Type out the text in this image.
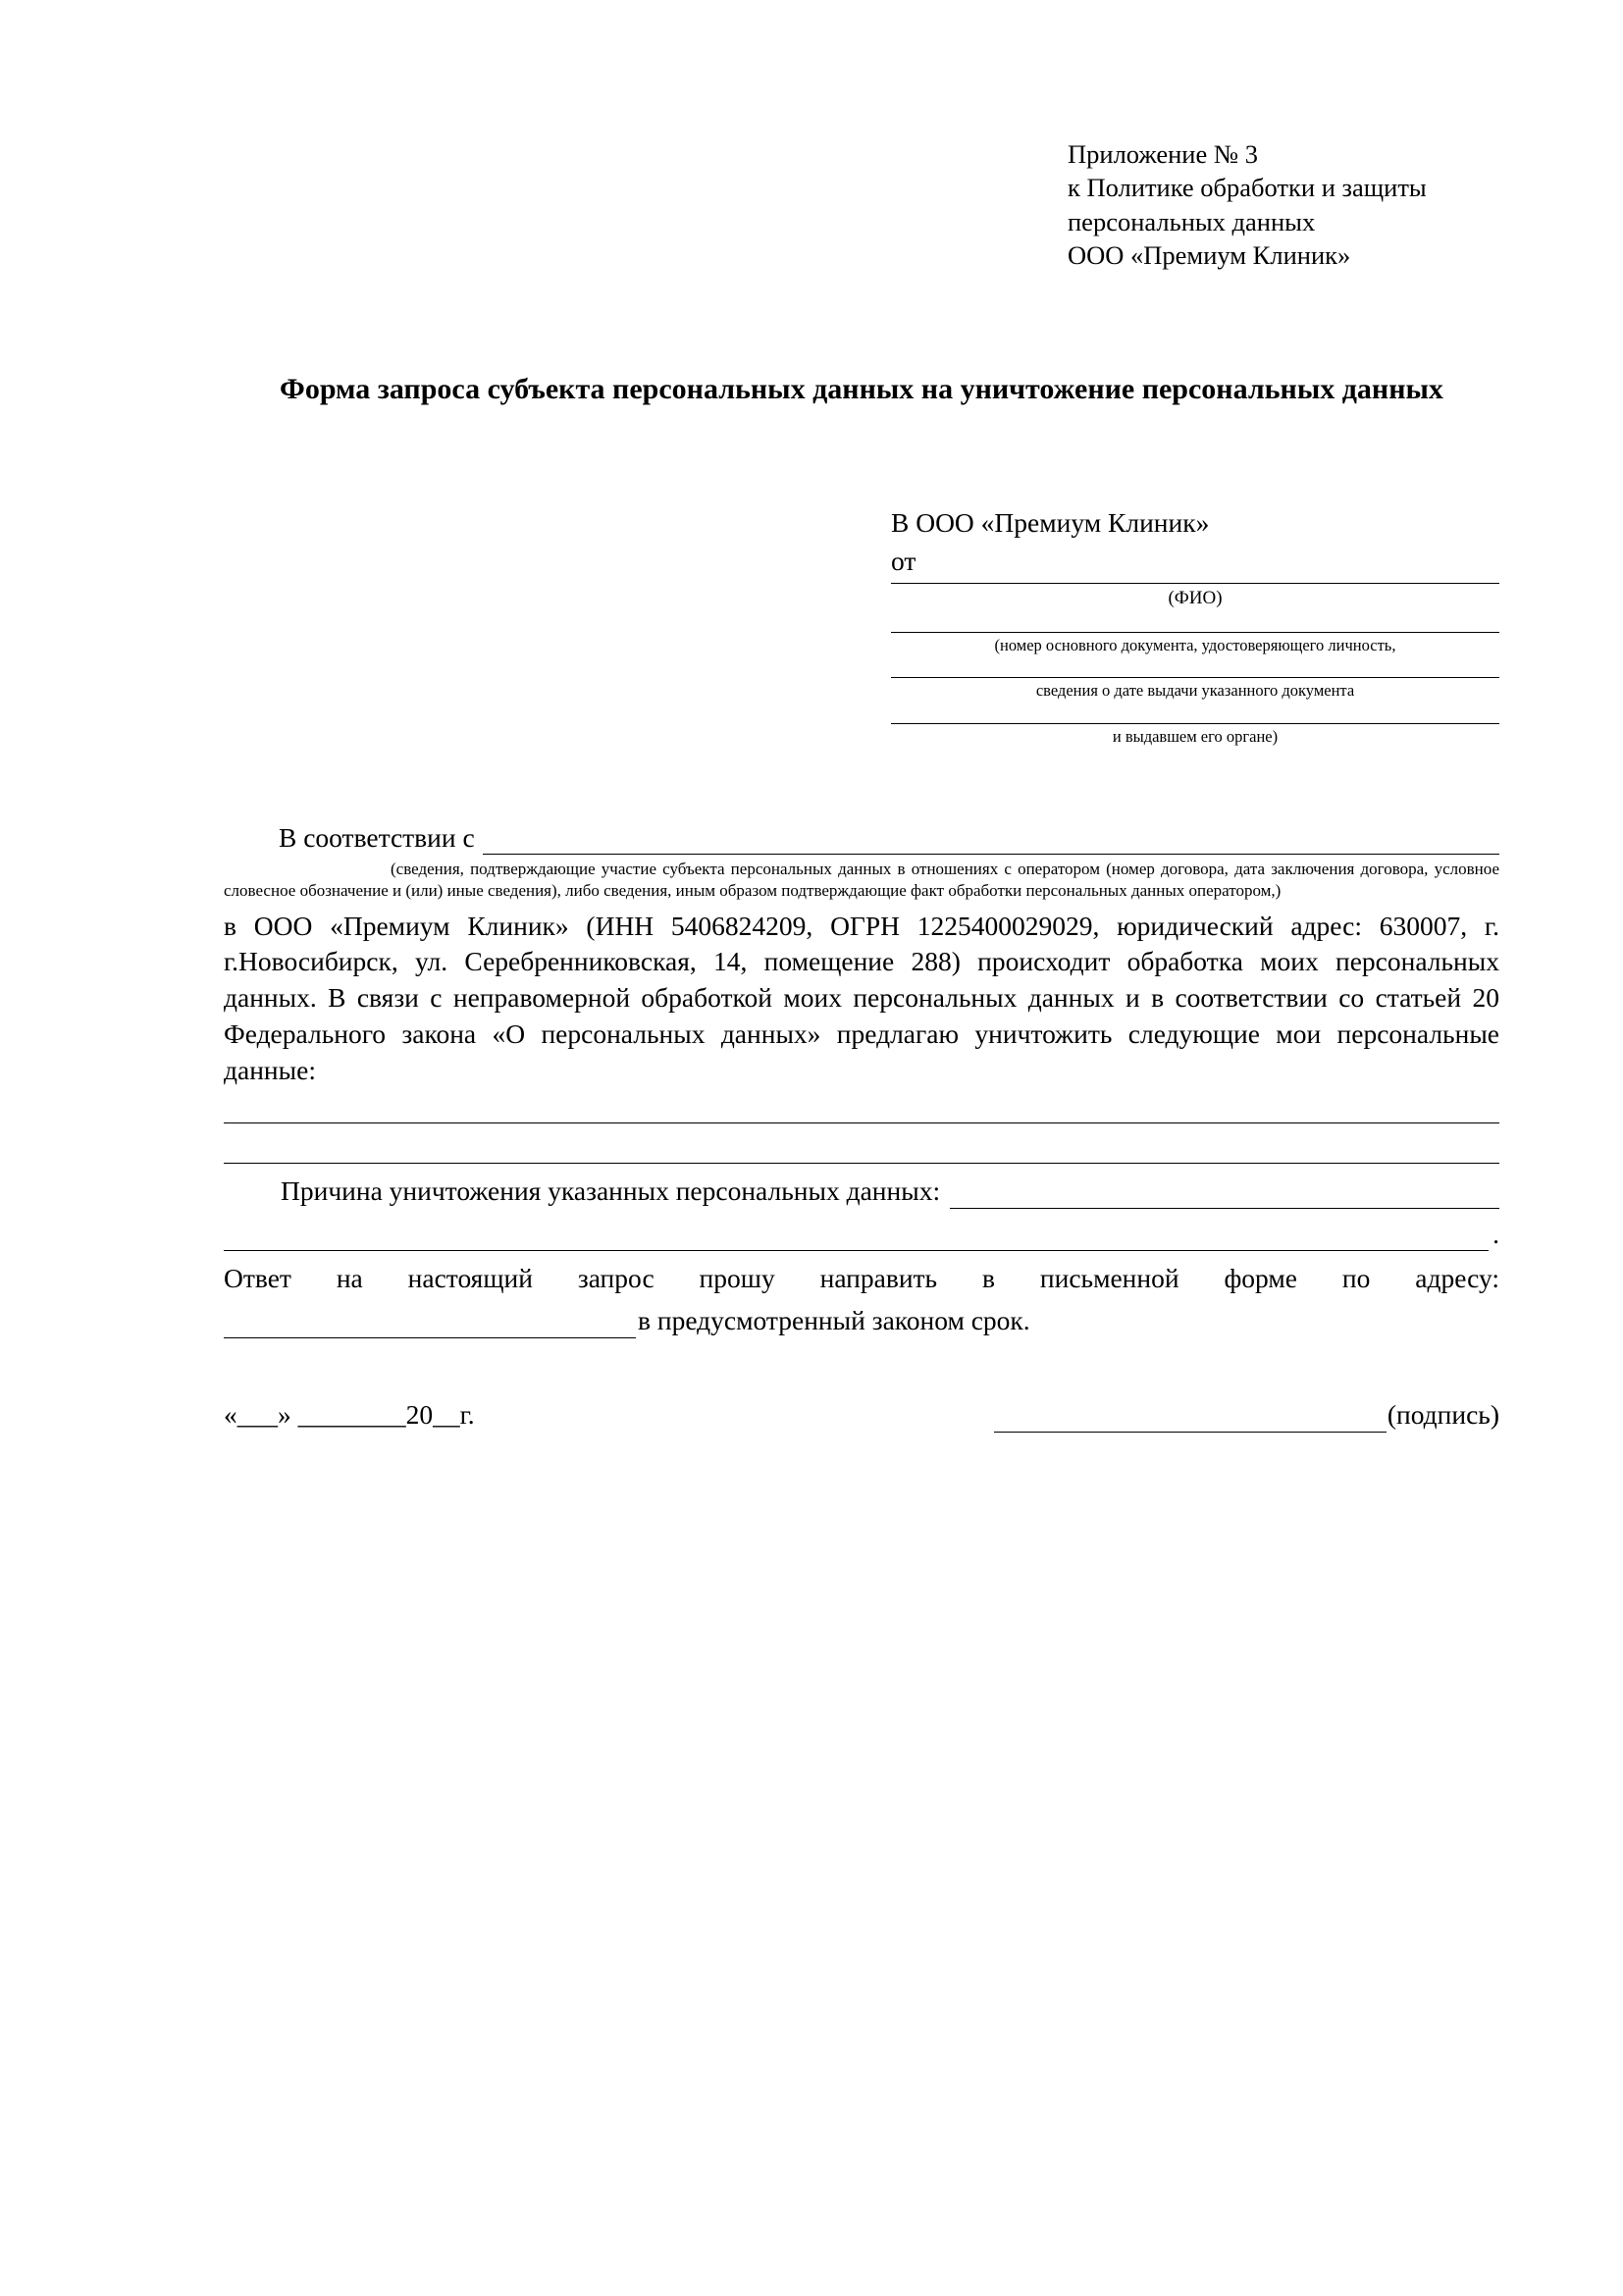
Приложение № 3
к Политике обработки и защиты
персональных данных
ООО «Премиум Клиник»
Форма запроса субъекта персональных данных на уничтожение персональных данных
В ООО «Премиум Клиник»
от
(ФИО)
(номер основного документа, удостоверяющего личность,
сведения о дате выдачи указанного документа
и выдавшем его органе)
В соответствии с
(сведения, подтверждающие участие субъекта персональных данных в отношениях с оператором (номер договора, дата заключения договора, условное словесное обозначение и (или) иные сведения), либо сведения, иным образом подтверждающие факт обработки персональных данных оператором,)
в ООО «Премиум Клиник» (ИНН 5406824209, ОГРН 1225400029029, юридический адрес: 630007, г. г.Новосибирск, ул. Серебренниковская, 14, помещение 288) происходит обработка моих персональных данных. В связи с неправомерной обработкой моих персональных данных и в соответствии со статьей 20 Федерального закона «О персональных данных» предлагаю уничтожить следующие мои персональные данные:
Причина уничтожения указанных персональных данных:
.
Ответ на настоящий запрос прошу направить в письменной форме по адресу:
в предусмотренный законом срок.
«___» ________20__г.	(подпись)
